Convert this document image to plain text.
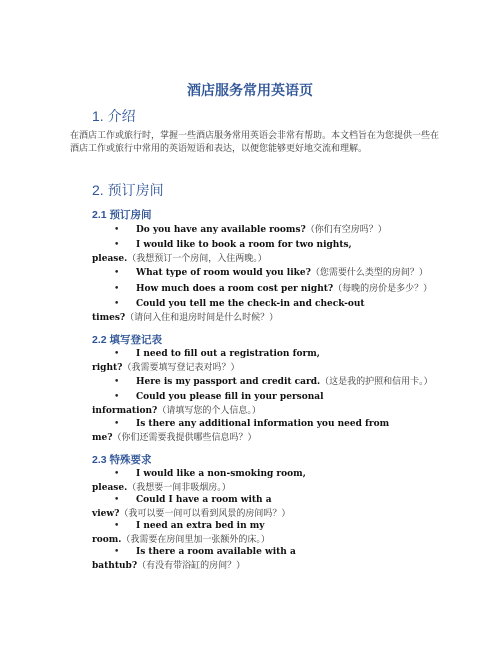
酒店服务常用英语页
1. 介绍
在酒店工作或旅行时，掌握一些酒店服务常用英语会非常有帮助。本文档旨在为您提供一些在酒店工作或旅行中常用的英语短语和表达，以便您能够更好地交流和理解。
2. 预订房间
2.1 预订房间
•	Do you have any available rooms?（你们有空房吗？）
•	I would like to book a room for two nights,
please.（我想预订一个房间，入住两晚。）
•	What type of room would you like?（您需要什么类型的房间？）
•	How much does a room cost per night?（每晚的房价是多少？）
•	Could you tell me the check-in and check-out
times?（请问入住和退房时间是什么时候？）
2.2 填写登记表
•	I need to fill out a registration form,
right?（我需要填写登记表对吗？）
•	Here is my passport and credit card.（这是我的护照和信用卡。）
•	Could you please fill in your personal
information?（请填写您的个人信息。）
•	Is there any additional information you need from
me?（你们还需要我提供哪些信息吗？）
2.3 特殊要求
•	I would like a non-smoking room,
please.（我想要一间非吸烟房。）
•	Could I have a room with a
view?（我可以要一间可以看到风景的房间吗？）
•	I need an extra bed in my
room.（我需要在房间里加一张额外的床。）
•	Is there a room available with a
bathtub?（有没有带浴缸的房间？）
